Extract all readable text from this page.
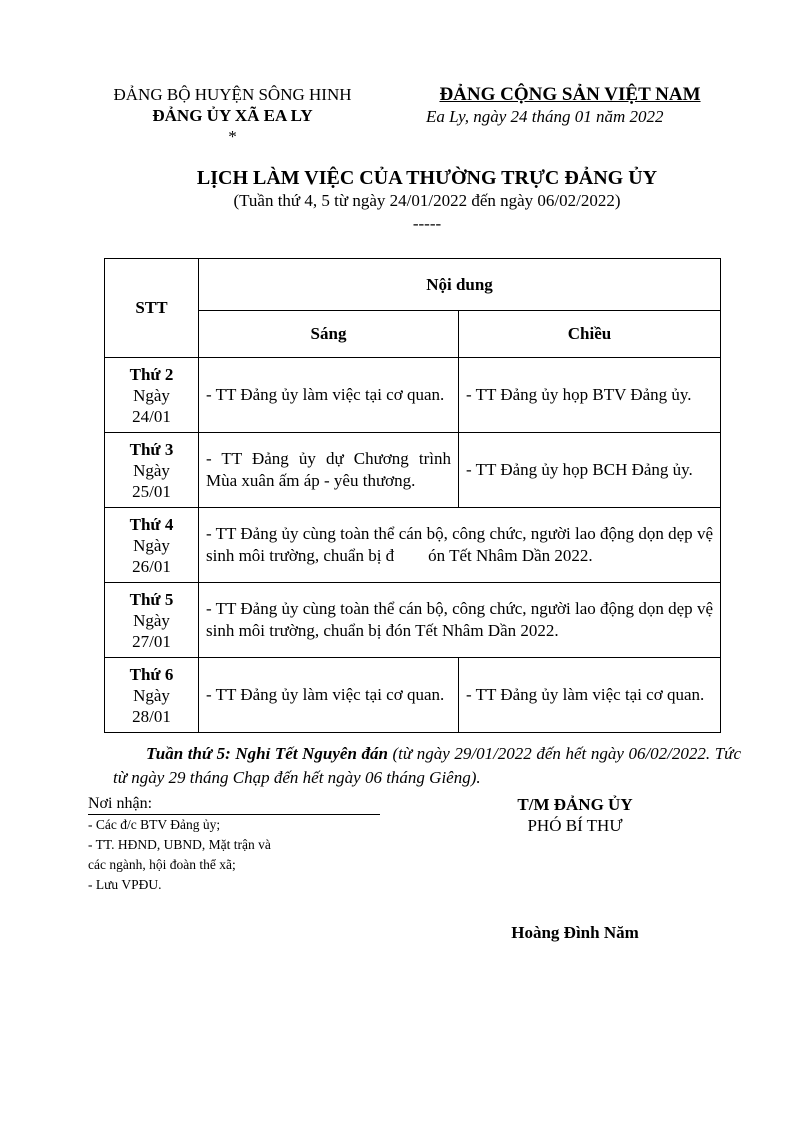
ĐẢNG BỘ HUYỆN SÔNG HINH
ĐẢNG ỦY XÃ EA LY
*
ĐẢNG CỘNG SẢN VIỆT NAM
Ea Ly, ngày 24 tháng 01 năm 2022
LỊCH LÀM VIỆC CỦA THƯỜNG TRỰC ĐẢNG ỦY
(Tuần thứ 4, 5 từ ngày 24/01/2022 đến ngày 06/02/2022)
-----
STT	Nội dung	
	Sáng	Chiều

Thứ 2
Ngày
24/01	- TT Đảng ủy làm việc tại cơ quan.	- TT Đảng ủy họp BTV Đảng ủy.

Thứ 3
Ngày
25/01	- TT Đảng ủy dự Chương trình Mùa xuân ấm áp - yêu thương.	- TT Đảng ủy họp BCH Đảng ủy.

Thứ 4
Ngày
26/01	- TT Đảng ủy cùng toàn thể cán bộ, công chức, người lao động dọn dẹp vệ sinh môi trường, chuẩn bị đ        ón Tết Nhâm Dần 2022.	

Thứ 5
Ngày
27/01	- TT Đảng ủy cùng toàn thể cán bộ, công chức, người lao động dọn dẹp vệ sinh môi trường, chuẩn bị đón Tết Nhâm Dần 2022.	

Thứ 6
Ngày
28/01	- TT Đảng ủy làm việc tại cơ quan.	- TT Đảng ủy làm việc tại cơ quan.
Tuần thứ 5: Nghỉ Tết Nguyên đán (từ ngày 29/01/2022 đến hết ngày 06/02/2022. Tức từ ngày 29 tháng Chạp đến hết ngày 06 tháng Giêng).
Nơi nhận:
- Các đ/c BTV Đảng ủy;
- TT. HĐND, UBND, Mặt trận và
các ngành, hội đoàn thể xã;
- Lưu VPĐU.
T/M ĐẢNG ỦY
PHÓ BÍ THƯ
Hoàng Đình Năm
